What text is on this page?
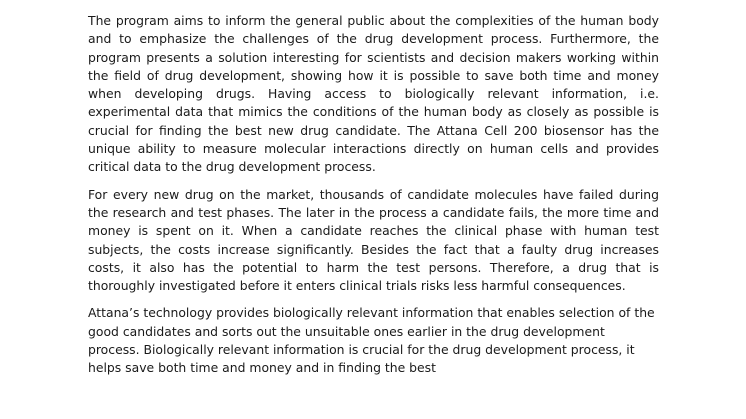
The program aims to inform the general public about the complexities of the human body and to emphasize the challenges of the drug development process. Furthermore, the program presents a solution interesting for scientists and decision makers working within the field of drug development, showing how it is possible to save both time and money when developing drugs. Having access to biologically relevant information, i.e. experimental data that mimics the conditions of the human body as closely as possible is crucial for finding the best new drug candidate. The Attana Cell 200 biosensor has the unique ability to measure molecular interactions directly on human cells and provides critical data to the drug development process.

For every new drug on the market, thousands of candidate molecules have failed during the research and test phases. The later in the process a candidate fails, the more time and money is spent on it. When a candidate reaches the clinical phase with human test subjects, the costs increase significantly. Besides the fact that a faulty drug increases costs, it also has the potential to harm the test persons. Therefore, a drug that is thoroughly investigated before it enters clinical trials risks less harmful consequences.

Attana’s technology provides biologically relevant information that enables selection of the good candidates and sorts out the unsuitable ones earlier in the drug development process. Biologically relevant information is crucial for the drug development process, it helps save both time and money and in finding the best
